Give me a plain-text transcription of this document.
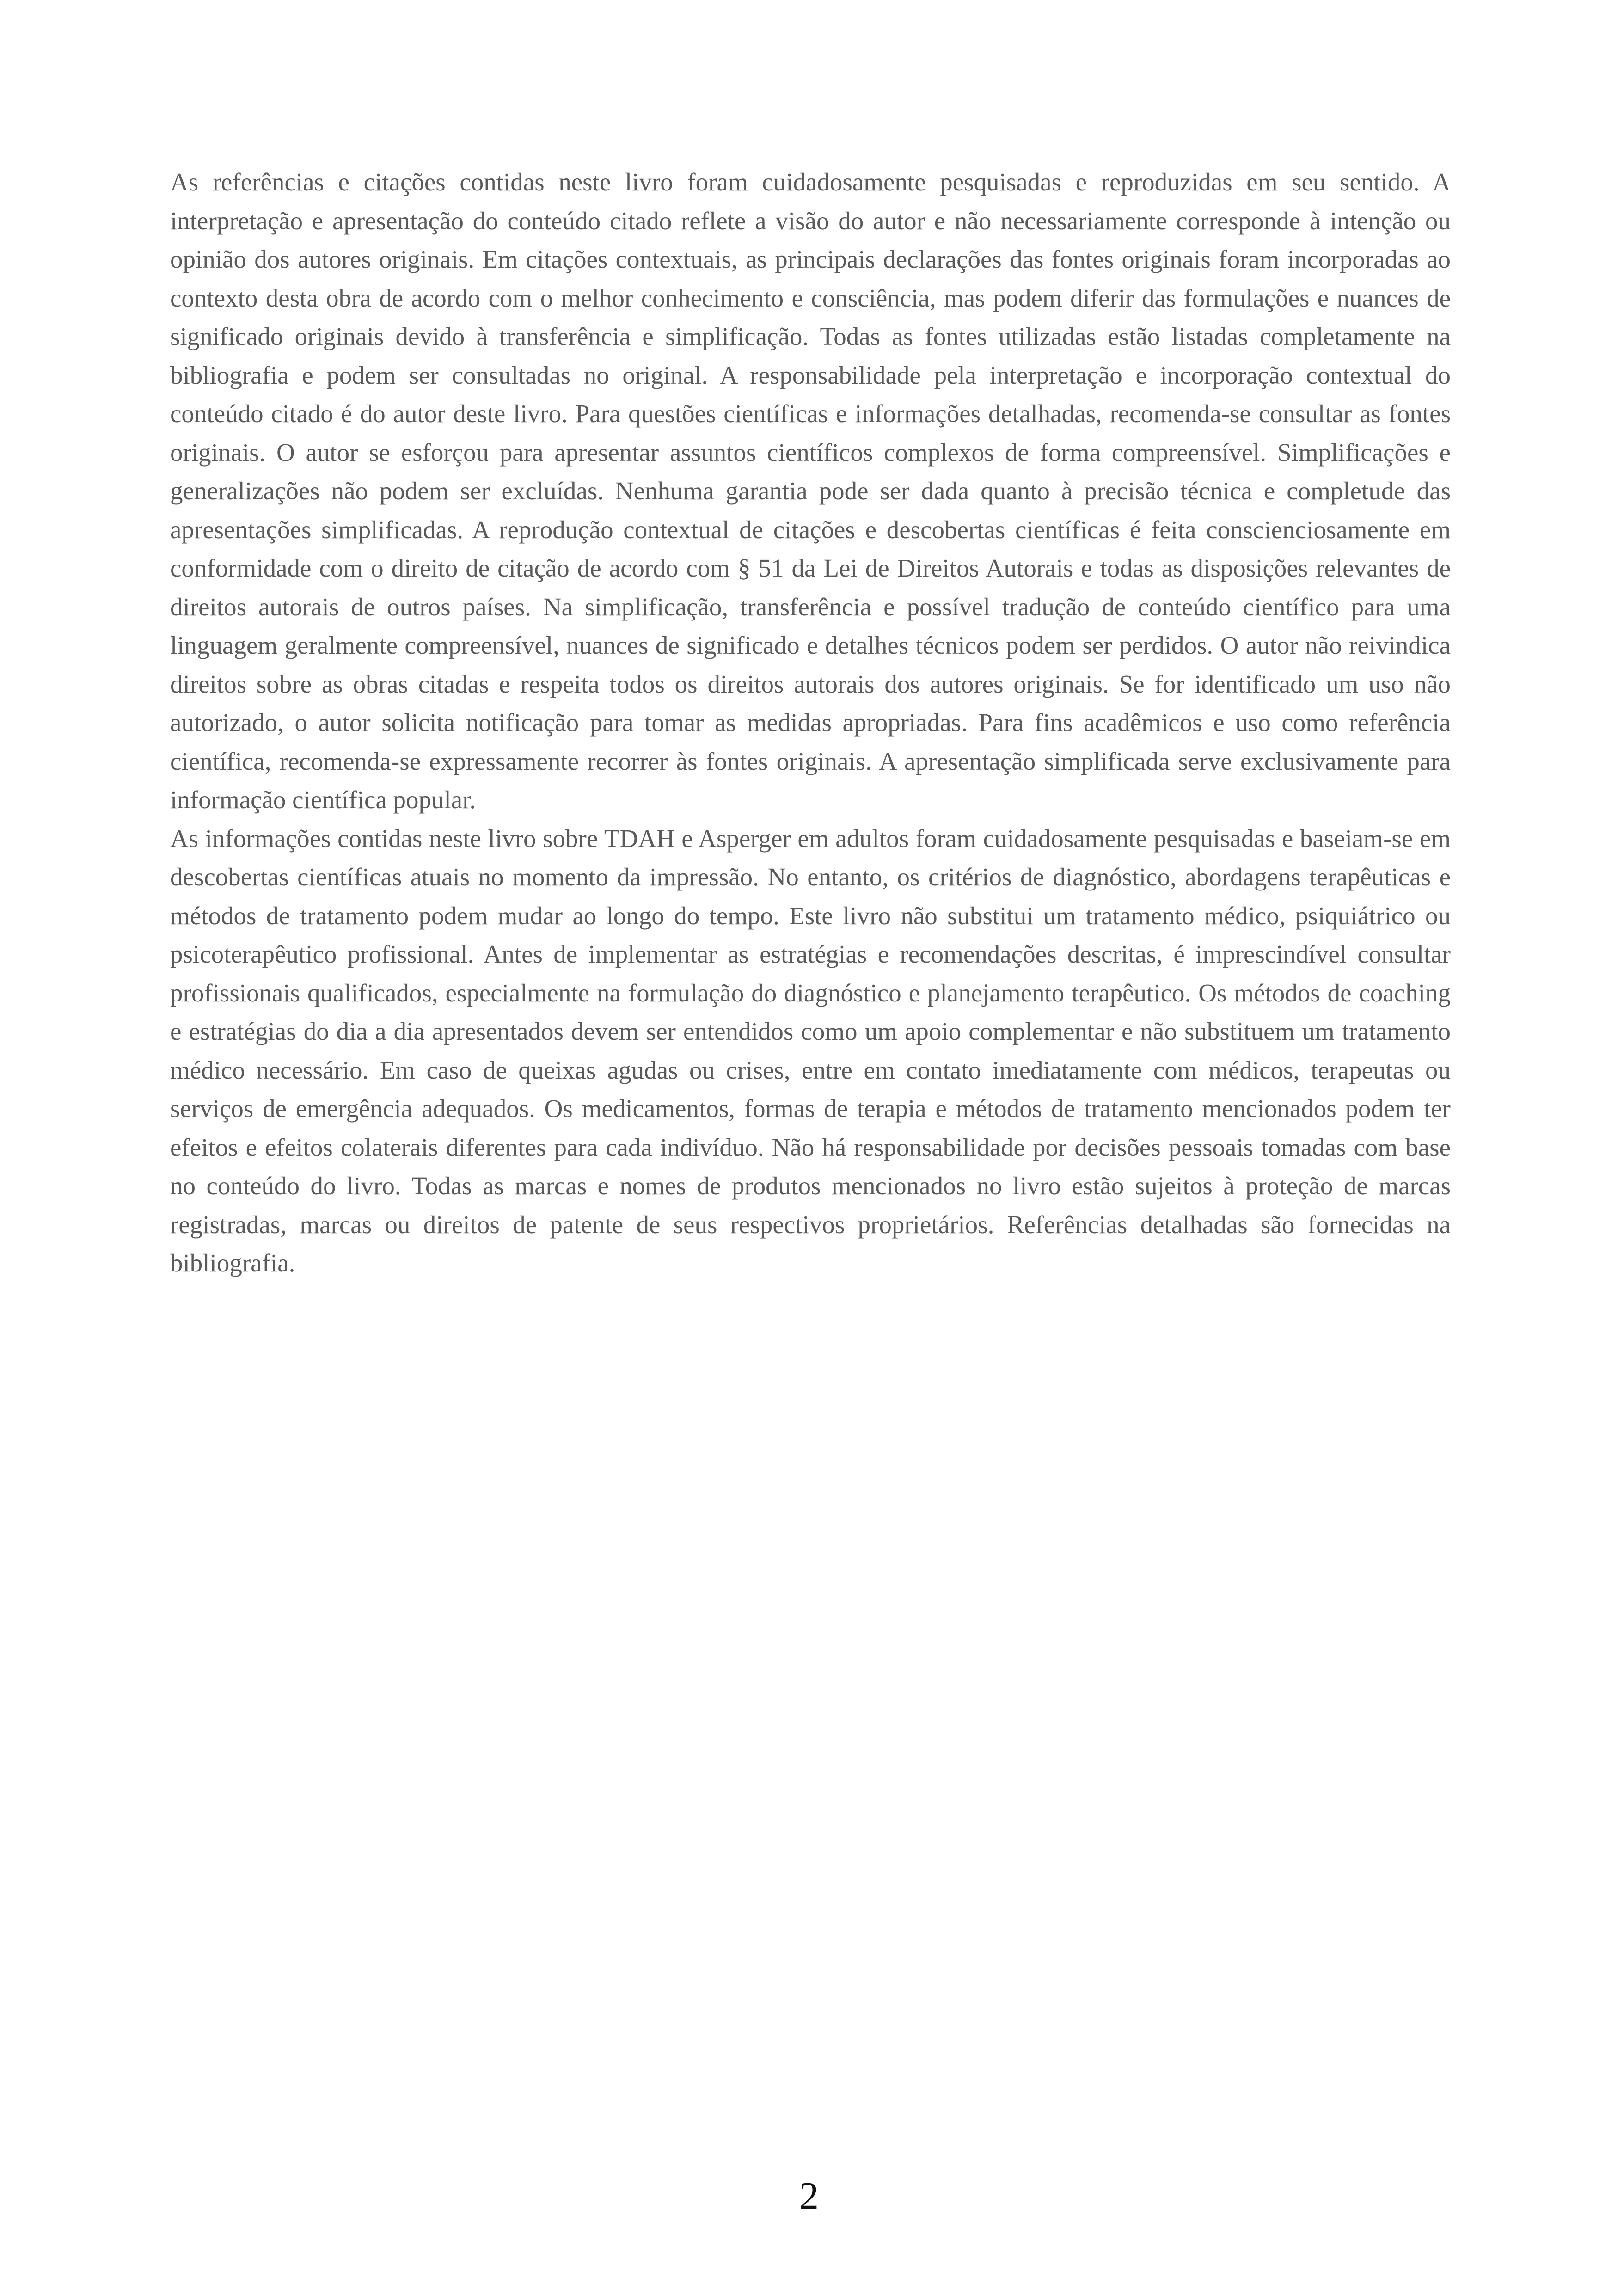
As referências e citações contidas neste livro foram cuidadosamente pesquisadas e reproduzidas em seu sentido. A interpretação e apresentação do conteúdo citado reflete a visão do autor e não necessariamente corresponde à intenção ou opinião dos autores originais. Em citações contextuais, as principais declarações das fontes originais foram incorporadas ao contexto desta obra de acordo com o melhor conhecimento e consciência, mas podem diferir das formulações e nuances de significado originais devido à transferência e simplificação. Todas as fontes utilizadas estão listadas completamente na bibliografia e podem ser consultadas no original. A responsabilidade pela interpretação e incorporação contextual do conteúdo citado é do autor deste livro. Para questões científicas e informações detalhadas, recomenda-se consultar as fontes originais. O autor se esforçou para apresentar assuntos científicos complexos de forma compreensível. Simplificações e generalizações não podem ser excluídas. Nenhuma garantia pode ser dada quanto à precisão técnica e completude das apresentações simplificadas. A reprodução contextual de citações e descobertas científicas é feita conscienciosamente em conformidade com o direito de citação de acordo com § 51 da Lei de Direitos Autorais e todas as disposições relevantes de direitos autorais de outros países. Na simplificação, transferência e possível tradução de conteúdo científico para uma linguagem geralmente compreensível, nuances de significado e detalhes técnicos podem ser perdidos. O autor não reivindica direitos sobre as obras citadas e respeita todos os direitos autorais dos autores originais. Se for identificado um uso não autorizado, o autor solicita notificação para tomar as medidas apropriadas. Para fins acadêmicos e uso como referência científica, recomenda-se expressamente recorrer às fontes originais. A apresentação simplificada serve exclusivamente para informação científica popular.

As informações contidas neste livro sobre TDAH e Asperger em adultos foram cuidadosamente pesquisadas e baseiam-se em descobertas científicas atuais no momento da impressão. No entanto, os critérios de diagnóstico, abordagens terapêuticas e métodos de tratamento podem mudar ao longo do tempo. Este livro não substitui um tratamento médico, psiquiátrico ou psicoterapêutico profissional. Antes de implementar as estratégias e recomendações descritas, é imprescindível consultar profissionais qualificados, especialmente na formulação do diagnóstico e planejamento terapêutico. Os métodos de coaching e estratégias do dia a dia apresentados devem ser entendidos como um apoio complementar e não substituem um tratamento médico necessário. Em caso de queixas agudas ou crises, entre em contato imediatamente com médicos, terapeutas ou serviços de emergência adequados. Os medicamentos, formas de terapia e métodos de tratamento mencionados podem ter efeitos e efeitos colaterais diferentes para cada indivíduo. Não há responsabilidade por decisões pessoais tomadas com base no conteúdo do livro. Todas as marcas e nomes de produtos mencionados no livro estão sujeitos à proteção de marcas registradas, marcas ou direitos de patente de seus respectivos proprietários. Referências detalhadas são fornecidas na bibliografia.

2
